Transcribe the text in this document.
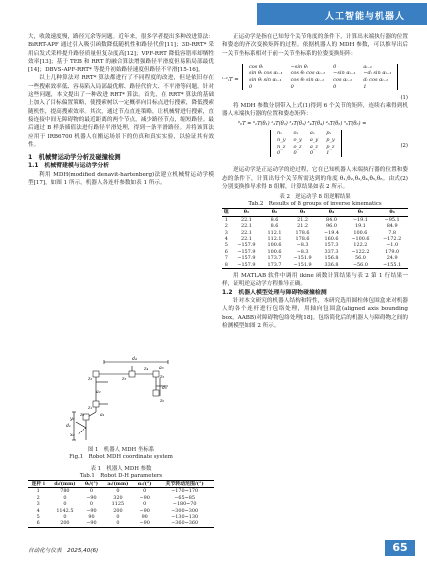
人工智能与机器人

大，收敛速度慢，路径冗余等问题。近年来，很多学者提出多种改进算法：BiRRT-APF 通过引入吸引函数降低随机性和路径代价[11]；3D-RRT* 采用启发式采样提升路径质量但复杂度高[12]；VPF-RRT 降低容错率却牺牲效率[13]；基于 TEB 和 RRT 的融合算法增强路径平滑度但易陷局部最优[14]；DBVS-APF-RRT* 等提升初始路径速度但路径不平滑[15-16]。

以上几种算法对 RRT* 算法都进行了不同程度的改进，但是依旧存在一些搜索效率低、容易陷入局部最优解、路径代价大、不平滑等问题。针对这些问题，本文提出了一种改进 RRT* 算法。首先，在 RRT* 算法的基础上加入了目标偏置策略，使搜索树以一定概率向目标点进行搜索，降低搜索随机性，提高搜索效率。其次，通过节点直连策略，让机械臂进行搜索，直接连接中间无障碍物的最近距离的两个节点，减少路径节点，缩短路径。最后通过 B 样条插值法进行路径平滑处理，得到一条平滑路径。并将该算法应用于 IRB6700 机器人在搬运场景下的仿真和真实实验，以验证其有效性。

1　机械臂运动学分析及碰撞检测

1.1　机械臂建模与运动学分析

利用 MDH(modified denavit-hartenberg)法建立机械臂运动学模型[17]，如图 1 所示，机器人各连杆参数如表 1 所示。

d₄
a₂
a₃
a₁
d₁
d₆
z₀
x₀
y₀
z₁
z₂	z₃
z₄
z₅
z₆
图 1　机器人 MDH 坐标系
Fig.1　Robot MDH coordinate system
表 1　机器人 MDH 参数
Tab.1　Robot D-H parameters
连杆 i	dᵢ/(mm)	θᵢ/(°)	aᵢ/(mm)	αᵢ/(°)	关节转动范围/(°)
1	780	0	0	0	−170~170
2	0	−90	320	−90	−65~85
3	0	0	1125	0	−180~70
4	1142.5	−90	200	−90	−300~300
5	0	90	0	90	−130~130
6	200	−90	0	−90	−360~360

正运动学是指在已知每个关节角度的条件下，计算出末端执行器的位置和姿态的齐次变换矩阵的过程。依据机器人的 MDH 参数，可以推导出后一关节坐标系相对于前一关节坐标系的位姿变换矩阵：

ⁱ⁻¹ᵢT =
cos θᵢ	−sin θᵢ	0	aᵢ₋₁
sin θᵢ cos αᵢ₋₁	cos θᵢ cos αᵢ₋₁	−sin αᵢ₋₁	−dᵢ sin αᵢ₋₁
sin θᵢ sin αᵢ₋₁	cos θᵢ sin αᵢ₋₁	cos αᵢ₋₁	dᵢ cos αᵢ₋₁
0	0	0	1
(1)

将 MDH 参数分别带入上式(1)得到 6 个关节的矩阵，连续右乘得到机器人末端执行器的位置和姿态矩阵：

⁰₆T = ⁰₁T(θ₁) ¹₂T(θ₂) ²₃T(θ₃) ³₄T(θ₄) ⁴₅T(θ₅) ⁵₆T(θ₆) =
nₓ	oₓ	aₓ	pₓ
n_y	o_y	a_y	p_y
n_z	o_z	a_z	p_z
0	0	0	1
(2)

逆运动学是正运动学的逆过程，它在已知机器人末端执行器的位置和姿态的条件下，计算出每个关节所需达到的角度 θ₁,θ₂,θ₃,θ₄,θ₅,θ₆。由式(2)分别变换推导求得 8 组解，计算结果如表 2 所示。

表 2　逆运动学 8 组逆解结果
Tab.2　Results of 8 groups of inverse kinematics
组	θ₁	θ₂	θ₃	θ₄	θ₅	θ₆
1	22.1	8.6	21.2	84.0	−19.1	−95.1
2	22.1	8.6	21.2	96.0	19.1	84.9
3	22.1	112.1	178.6	−19.4	100.6	7.8
4	22.1	112.1	178.6	160.6	−100.6	−172.2
5	−157.9	100.6	−8.3	157.3	122.2	−1.0
6	−157.9	100.6	−8.3	337.3	−122.2	179.0
7	−157.9	173.7	−151.9	156.8	56.0	24.9
8	−157.9	173.7	−151.9	336.8	−56.0	−155.1

用 MATLAB 软件中调用 ikine 函数计算结果与表 2 第 1 行结果一样，证明逆运动学方程推导正确。

1.2　机器人模型处理与障碍物碰撞检测

针对本文研究的机器人结构和特性，本研究选用圆柱体包围盒来对机器人的各个连杆进行包络处理，用轴向包围盒(aligned axis bounding box，AABB)对障碍物包络处理[18]。包络简化后的机器人与障碍物之间的检测模型如图 2 所示。

自动化与仪表　2025,40(6)	65
